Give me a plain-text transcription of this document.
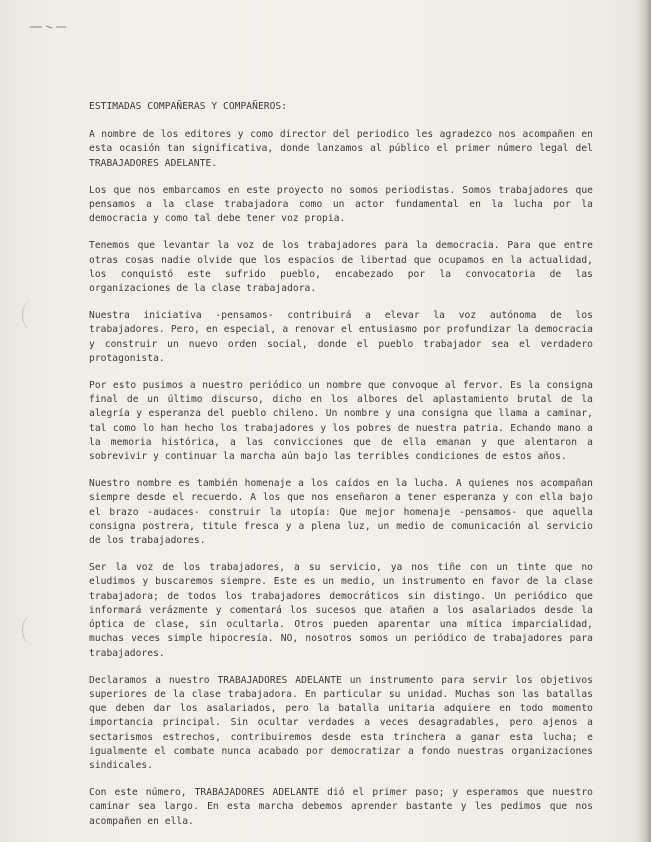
ESTIMADAS COMPAÑERAS Y COMPAÑEROS:

A nombre de los editores y como director del periodico les agradezco nos acompañen en esta ocasión tan significativa, donde lanzamos al público el primer número legal del TRABAJADORES ADELANTE.

Los que nos embarcamos en este proyecto no somos periodistas. Somos trabajadores que pensamos a la clase trabajadora como un actor fundamental en la lucha por la democracia y como tal debe tener voz propia.

Tenemos que levantar la voz de los trabajadores para la democracia. Para que entre otras cosas nadie olvide que los espacios de libertad que ocupamos en la actualidad, los conquistó este sufrido pueblo, encabezado por la convocatoria de las organizaciones de la clase trabajadora.

Nuestra iniciativa -pensamos- contribuirá a elevar la voz autónoma de los trabajadores. Pero, en especial, a renovar el entusiasmo por profundizar la democracia y construir un nuevo orden social, donde el pueblo trabajador sea el verdadero protagonista.

Por esto pusimos a nuestro periódico un nombre que convoque al fervor. Es la consigna final de un último discurso, dicho en los albores del aplastamiento brutal de la alegría y esperanza del pueblo chileno. Un nombre y una consigna que llama a caminar, tal como lo han hecho los trabajadores y los pobres de nuestra patria. Echando mano a la memoria histórica, a las convicciones que de ella emanan y que alentaron a sobrevivir y continuar la marcha aún bajo las terribles condiciones de estos años.

Nuestro nombre es también homenaje a los caídos en la lucha. A quienes nos acompañan siempre desde el recuerdo. A los que nos enseñaron a tener esperanza y con ella bajo el brazo -audaces- construir la utopía: Que mejor homenaje -pensamos- que aquella consigna postrera, titule fresca y a plena luz, un medio de comunicación al servicio de los trabajadores.

Ser la voz de los trabajadores, a su servicio, ya nos tiñe con un tinte que no eludimos y buscaremos siempre. Este es un medio, un instrumento en favor de la clase trabajadora; de todos los trabajadores democráticos sin distingo. Un periódico que informará verázmente y comentará los sucesos que atañen a los asalariados desde la óptica de clase, sin ocultarla. Otros pueden aparentar una mítica imparcialidad, muchas veces simple hipocresía. NO, nosotros somos un periódico de trabajadores para trabajadores.

Declaramos a nuestro TRABAJADORES ADELANTE un instrumento para servir los objetivos superiores de la clase trabajadora. En particular su unidad. Muchas son las batallas que deben dar los asalariados, pero la batalla unitaria adquiere en todo momento importancia principal. Sin ocultar verdades a veces desagradables, pero ajenos a sectarismos estrechos, contribuiremos desde esta trinchera a ganar esta lucha; e igualmente el combate nunca acabado por democratizar a fondo nuestras organizaciones sindicales.

Con este número, TRABAJADORES ADELANTE dió el primer paso; y esperamos que nuestro caminar sea largo. En esta marcha debemos aprender bastante y les pedimos que nos acompañen en ella.
